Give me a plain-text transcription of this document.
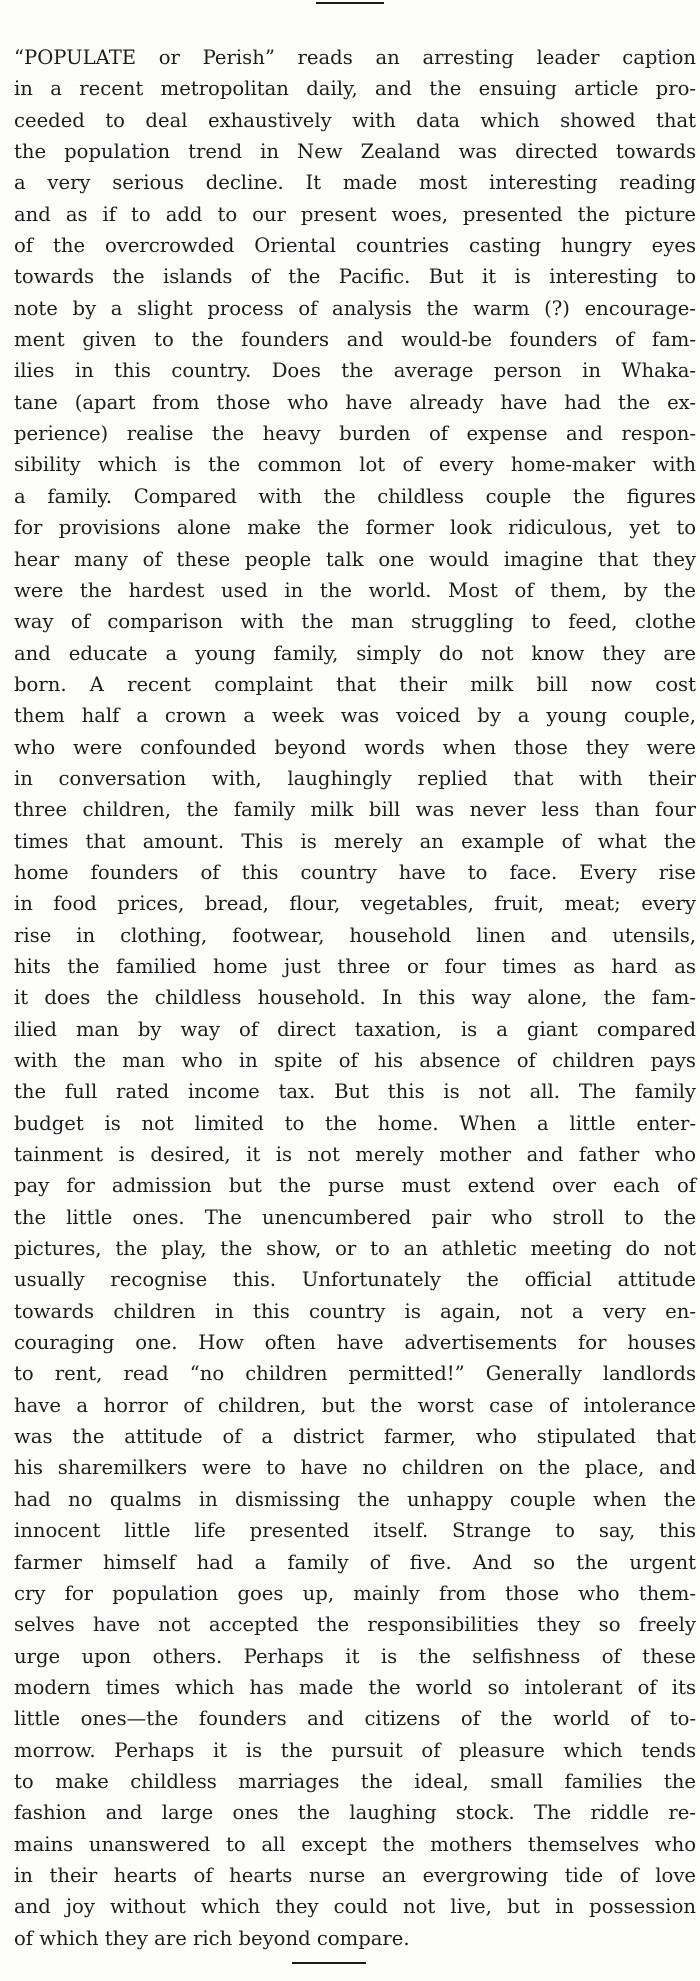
“POPULATE or Perish” reads an arresting leader caption
in a recent metropolitan daily, and the ensuing article pro-
ceeded to deal exhaustively with data which showed that
the population trend in New Zealand was directed towards
a very serious decline. It made most interesting reading
and as if to add to our present woes, presented the picture
of the overcrowded Oriental countries casting hungry eyes
towards the islands of the Pacific. But it is interesting to
note by a slight process of analysis the warm (?) encourage-
ment given to the founders and would-be founders of fam-
ilies in this country. Does the average person in Whaka-
tane (apart from those who have already have had the ex-
perience) realise the heavy burden of expense and respon-
sibility which is the common lot of every home-maker with
a family. Compared with the childless couple the figures
for provisions alone make the former look ridiculous, yet to
hear many of these people talk one would imagine that they
were the hardest used in the world. Most of them, by the
way of comparison with the man struggling to feed, clothe
and educate a young family, simply do not know they are
born. A recent complaint that their milk bill now cost
them half a crown a week was voiced by a young couple,
who were confounded beyond words when those they were
in conversation with, laughingly replied that with their
three children, the family milk bill was never less than four
times that amount. This is merely an example of what the
home founders of this country have to face. Every rise
in food prices, bread, flour, vegetables, fruit, meat; every
rise in clothing, footwear, household linen and utensils,
hits the familied home just three or four times as hard as
it does the childless household. In this way alone, the fam-
ilied man by way of direct taxation, is a giant compared
with the man who in spite of his absence of children pays
the full rated income tax. But this is not all. The family
budget is not limited to the home. When a little enter-
tainment is desired, it is not merely mother and father who
pay for admission but the purse must extend over each of
the little ones. The unencumbered pair who stroll to the
pictures, the play, the show, or to an athletic meeting do not
usually recognise this. Unfortunately the official attitude
towards children in this country is again, not a very en-
couraging one. How often have advertisements for houses
to rent, read “no children permitted!” Generally landlords
have a horror of children, but the worst case of intolerance
was the attitude of a district farmer, who stipulated that
his sharemilkers were to have no children on the place, and
had no qualms in dismissing the unhappy couple when the
innocent little life presented itself. Strange to say, this
farmer himself had a family of five. And so the urgent
cry for population goes up, mainly from those who them-
selves have not accepted the responsibilities they so freely
urge upon others. Perhaps it is the selfishness of these
modern times which has made the world so intolerant of its
little ones—the founders and citizens of the world of to-
morrow. Perhaps it is the pursuit of pleasure which tends
to make childless marriages the ideal, small families the
fashion and large ones the laughing stock. The riddle re-
mains unanswered to all except the mothers themselves who
in their hearts of hearts nurse an evergrowing tide of love
and joy without which they could not live, but in possession
of which they are rich beyond compare.
